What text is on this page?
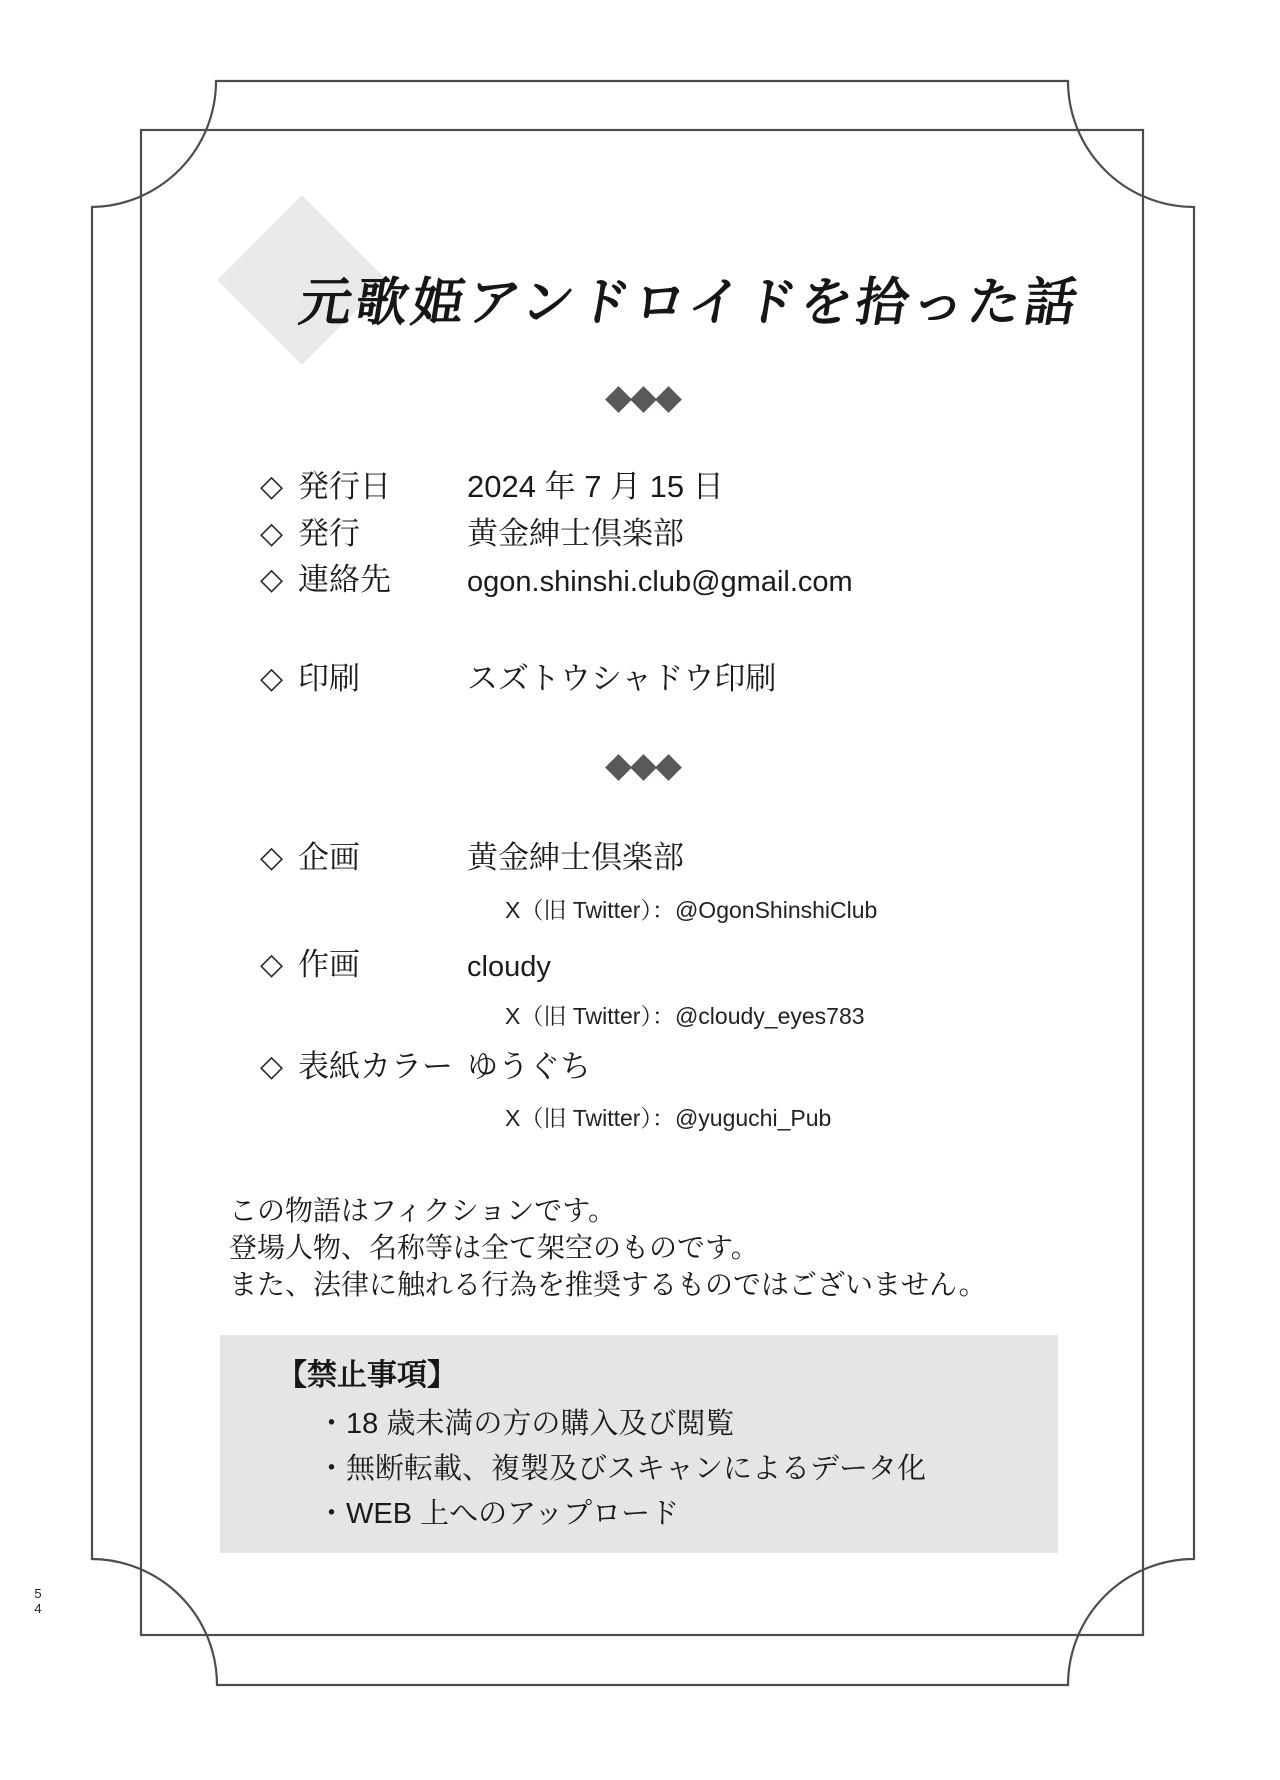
元歌姫アンドロイドを拾った話
◇ 発行日	2024 年 7 月 15 日
◇ 発行	黄金紳士倶楽部
◇ 連絡先	ogon.shinshi.club@gmail.com
◇ 印刷	スズトウシャドウ印刷
◇ 企画	黄金紳士倶楽部
X（旧 Twitter）：@OgonShinshiClub
◇ 作画	cloudy
X（旧 Twitter）：@cloudy_eyes783
◇ 表紙カラー ゆうぐち
X（旧 Twitter）：@yuguchi_Pub
この物語はフィクションです。
登場人物、名称等は全て架空のものです。
また、法律に触れる行為を推奨するものではございません。
【禁止事項】
・18 歳未満の方の購入及び閲覧
・無断転載、複製及びスキャンによるデータ化
・WEB 上へのアップロード
5
4
